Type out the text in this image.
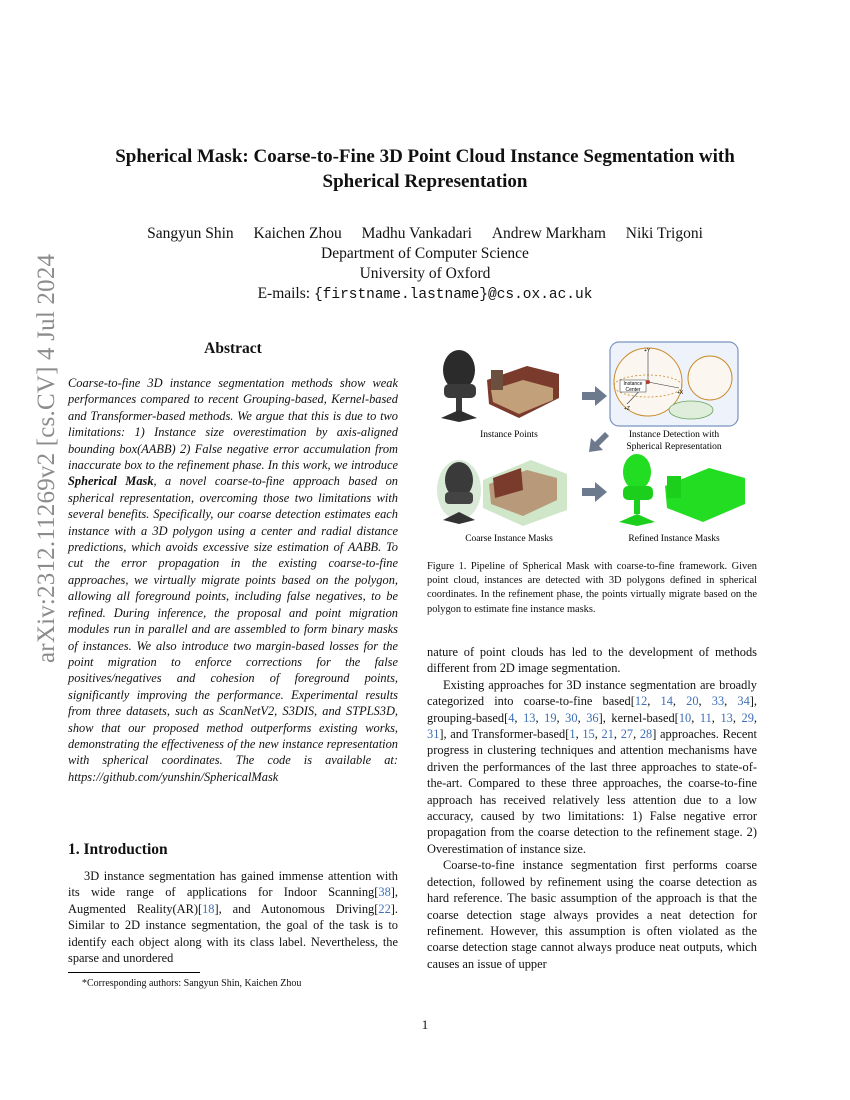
arXiv:2312.11269v2 [cs.CV] 4 Jul 2024
Spherical Mask: Coarse-to-Fine 3D Point Cloud Instance Segmentation with
Spherical Representation
Sangyun Shin Kaichen Zhou Madhu Vankadari Andrew Markham Niki Trigoni
Department of Computer Science
University of Oxford
E-mails: {firstname.lastname}@cs.ox.ac.uk
Abstract
Coarse-to-fine 3D instance segmentation methods show weak performances compared to recent Grouping-based, Kernel-based and Transformer-based methods. We argue that this is due to two limitations: 1) Instance size overestimation by axis-aligned bounding box(AABB) 2) False negative error accumulation from inaccurate box to the refinement phase. In this work, we introduce Spherical Mask, a novel coarse-to-fine approach based on spherical representation, overcoming those two limitations with several benefits. Specifically, our coarse detection estimates each instance with a 3D polygon using a center and radial distance predictions, which avoids excessive size estimation of AABB. To cut the error propagation in the existing coarse-to-fine approaches, we virtually migrate points based on the polygon, allowing all foreground points, including false negatives, to be refined. During inference, the proposal and point migration modules run in parallel and are assembled to form binary masks of instances. We also introduce two margin-based losses for the point migration to enforce corrections for the false positives/negatives and cohesion of foreground points, significantly improving the performance. Experimental results from three datasets, such as ScanNetV2, S3DIS, and STPLS3D, show that our proposed method outperforms existing works, demonstrating the effectiveness of the new instance representation with spherical coordinates. The code is available at: https://github.com/yunshin/SphericalMask
1. Introduction

3D instance segmentation has gained immense attention with its wide range of applications for Indoor Scanning[38], Augmented Reality(AR)[18], and Autonomous Driving[22]. Similar to 2D instance segmentation, the goal of the task is to identify each object along with its class label. Nevertheless, the sparse and unordered

*Corresponding authors: Sangyun Shin, Kaichen Zhou
Instance Points
Instance
Center
+Y
+X
+Z
Instance Detection with
Spherical Representation
Coarse Instance Masks	Refined Instance Masks
Figure 1. Pipeline of Spherical Mask with coarse-to-fine framework. Given point cloud, instances are detected with 3D polygons defined in spherical coordinates. In the refinement phase, the points virtually migrate based on the polygon to estimate fine instance masks.

nature of point clouds has led to the development of methods different from 2D image segmentation.

Existing approaches for 3D instance segmentation are broadly categorized into coarse-to-fine based[12, 14, 20, 33, 34], grouping-based[4, 13, 19, 30, 36], kernel-based[10, 11, 13, 29, 31], and Transformer-based[1, 15, 21, 27, 28] approaches. Recent progress in clustering techniques and attention mechanisms have driven the performances of the last three approaches to state-of-the-art. Compared to these three approaches, the coarse-to-fine approach has received relatively less attention due to a low accuracy, caused by two limitations: 1) False negative error propagation from the coarse detection to the refinement stage. 2) Overestimation of instance size.

Coarse-to-fine instance segmentation first performs coarse detection, followed by refinement using the coarse detection as hard reference. The basic assumption of the approach is that the coarse detection stage always provides a neat detection for refinement. However, this assumption is often violated as the coarse detection stage cannot always produce neat outputs, which causes an issue of upper

1
